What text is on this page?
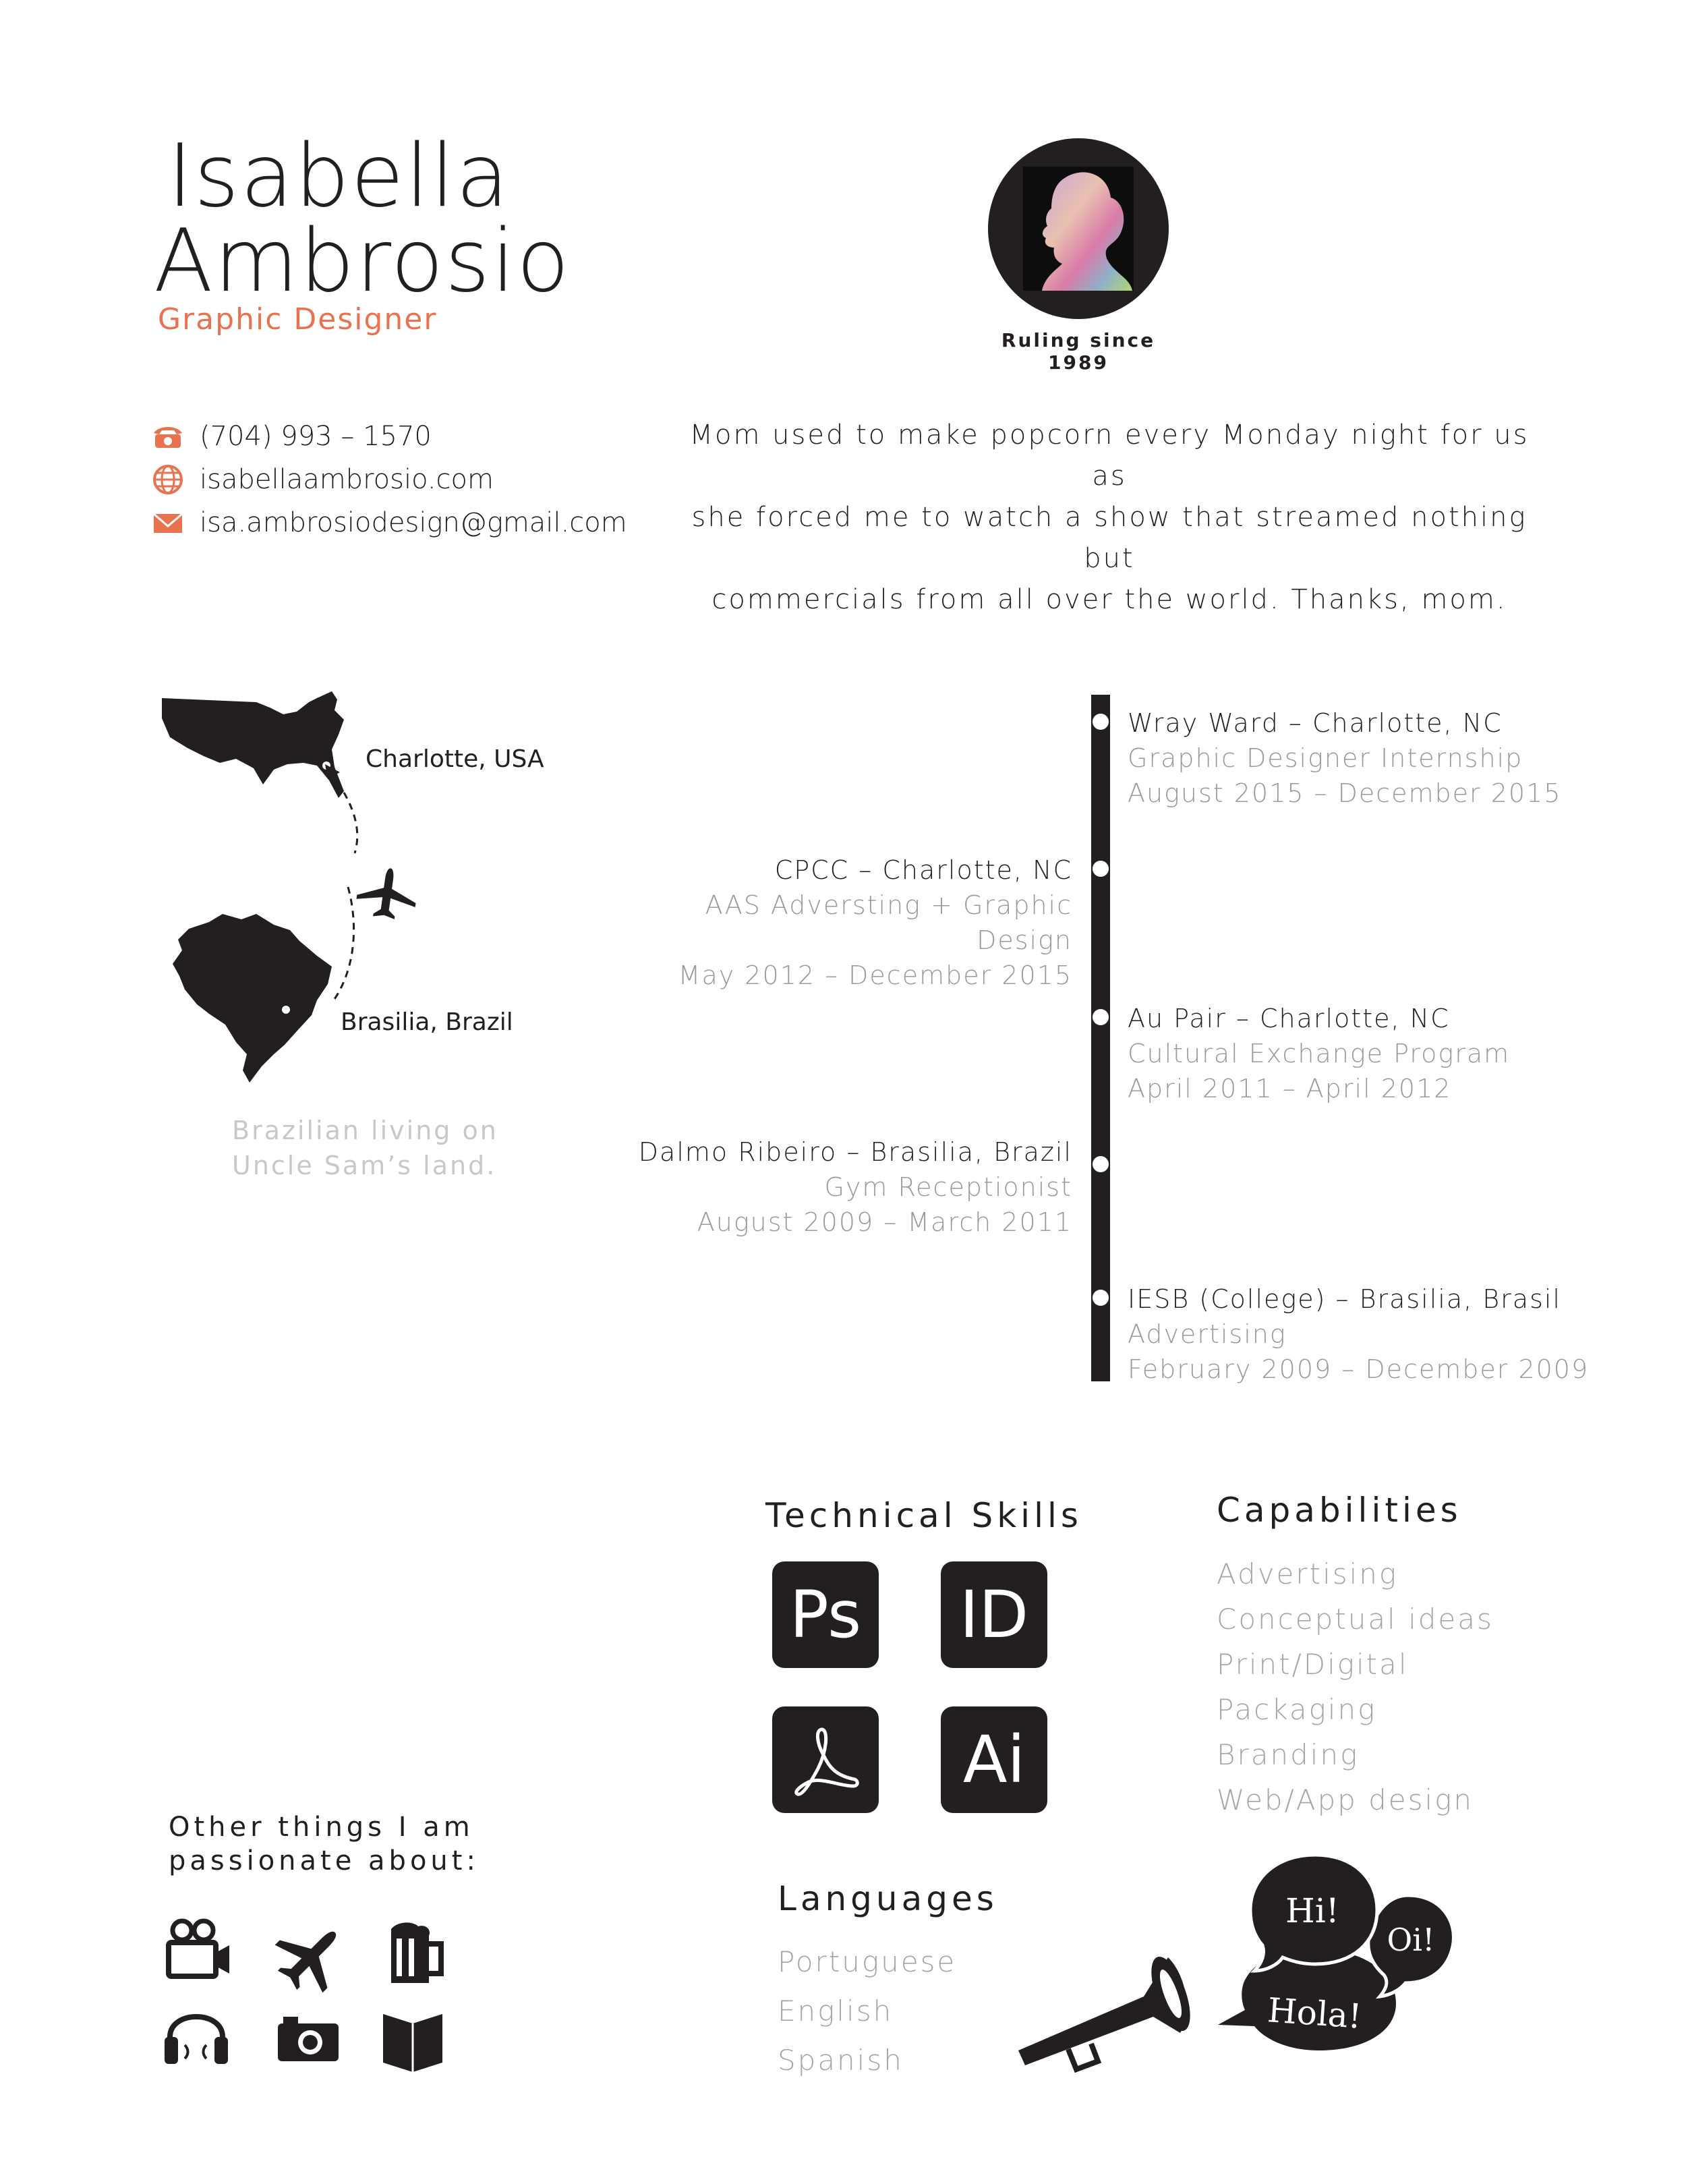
Isabella
Ambrosio
Graphic Designer
Ruling since 1989
(704) 993 – 1570
isabellaambrosio.com
isa.ambrosiodesign@gmail.com
Mom used to make popcorn every Monday night for us as
she forced me to watch a show that streamed nothing but
commercials from all over the world. Thanks, mom.
Charlotte, USA
Brasilia, Brazil
Brazilian living on
Uncle Sam’s land.
Wray Ward – Charlotte, NC
Graphic Designer Internship
August 2015 – December 2015
CPCC – Charlotte, NC
AAS Adversting + Graphic Design
May 2012 – December 2015
Au Pair – Charlotte, NC
Cultural Exchange Program
April 2011 – April 2012
Dalmo Ribeiro – Brasilia, Brazil
Gym Receptionist
August 2009 – March 2011
IESB (College) – Brasilia, Brasil
Advertising
February 2009 – December 2009
Technical Skills
Ps ID
Ai
Capabilities
Advertising
Conceptual ideas
Print/Digital
Packaging
Branding
Web/App design
Languages
Portuguese
English
Spanish
Hi!
Oi!
Hola!
Other things I am
passionate about:
